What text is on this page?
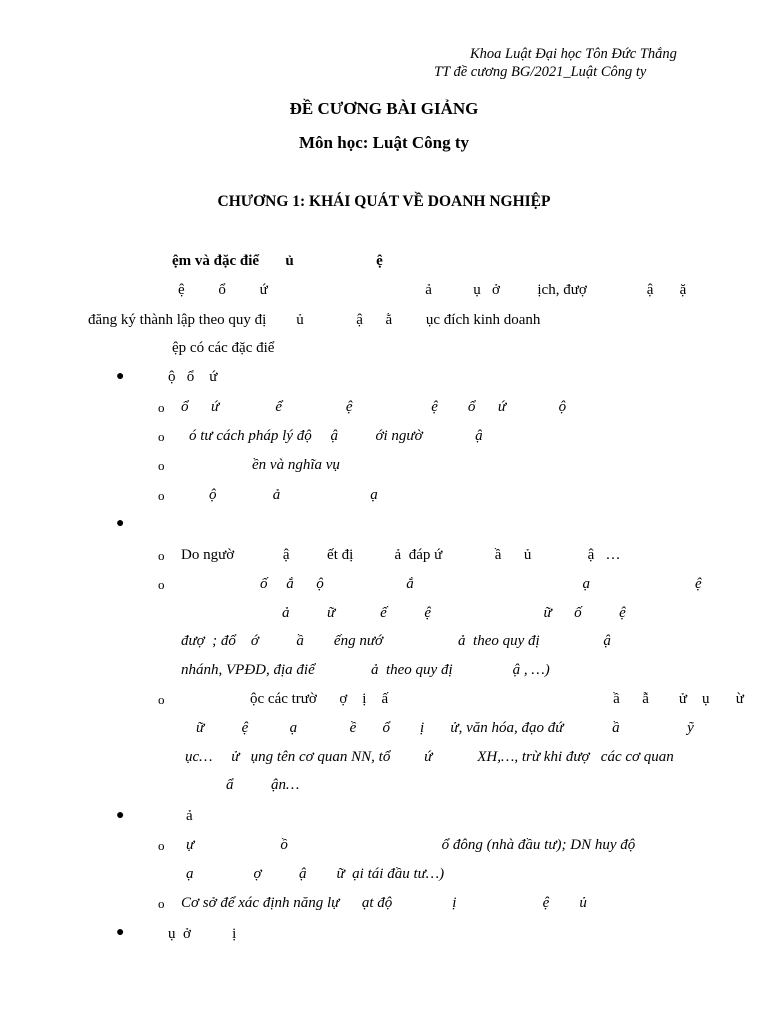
Khoa Luật Đại học Tôn Đức Thắng
TT đề cương BG/2021_Luật Công ty
ĐỀ CƯƠNG BÀI GIẢNG
Môn học: Luật Công ty
CHƯƠNG 1: KHÁI QUÁT VỀ DOANH NGHIỆP
ệm và đặc điể       ủ                      ệ
ệ         ổ         ứ                                          ả           ụ   ở          ịch, đượ                ậ       ặ
đăng ký thành lập theo quy đị        ủ              ậ      ằ         ục đích kinh doanh
ệp có các đặc điể
●	ộ   ổ    ứ
o ổ      ứ               ể                 ệ                     ệ        ổ      ứ              ộ
o ó tư cách pháp lý độ     ậ          ới ngườ              ậ
o	ền và nghĩa vụ
o	ộ               ả                        ạ
●
o Do ngườ             ậ          ết đị           ả  đáp ứ              ầ      ủ               ậ   …
o	ố     ắ      ộ                      ắ                                             ạ                            ệ
ả          ữ            ế          ệ                              ữ      ố          ệ
đượ  ; đổ    ớ          ầ        ếng nướ                    ả  theo quy đị                 ậ
nhánh, VPĐD, địa điể               ả  theo quy đị                ậ , …)
o	ộc các trườ      ợ    ị    ấ                                                            ầ      ẫ        ử    ụ       ừ
ữ          ệ           ạ              ề       ổ        ị       ử, văn hóa, đạo đứ             ầ                  ỹ
ục…     ử   ụng tên cơ quan NN, tổ         ứ            XH,…, trừ khi đượ   các cơ quan
ẩ          ận…
●	ả
o ự                       ồ                                         ổ đông (nhà đầu tư); DN huy độ
ạ                ợ          ậ        ữ  ại tái đầu tư…)
o Cơ sở để xác định năng lự      ạt độ                ị                       ệ        ủ
●	ụ  ở           ị
